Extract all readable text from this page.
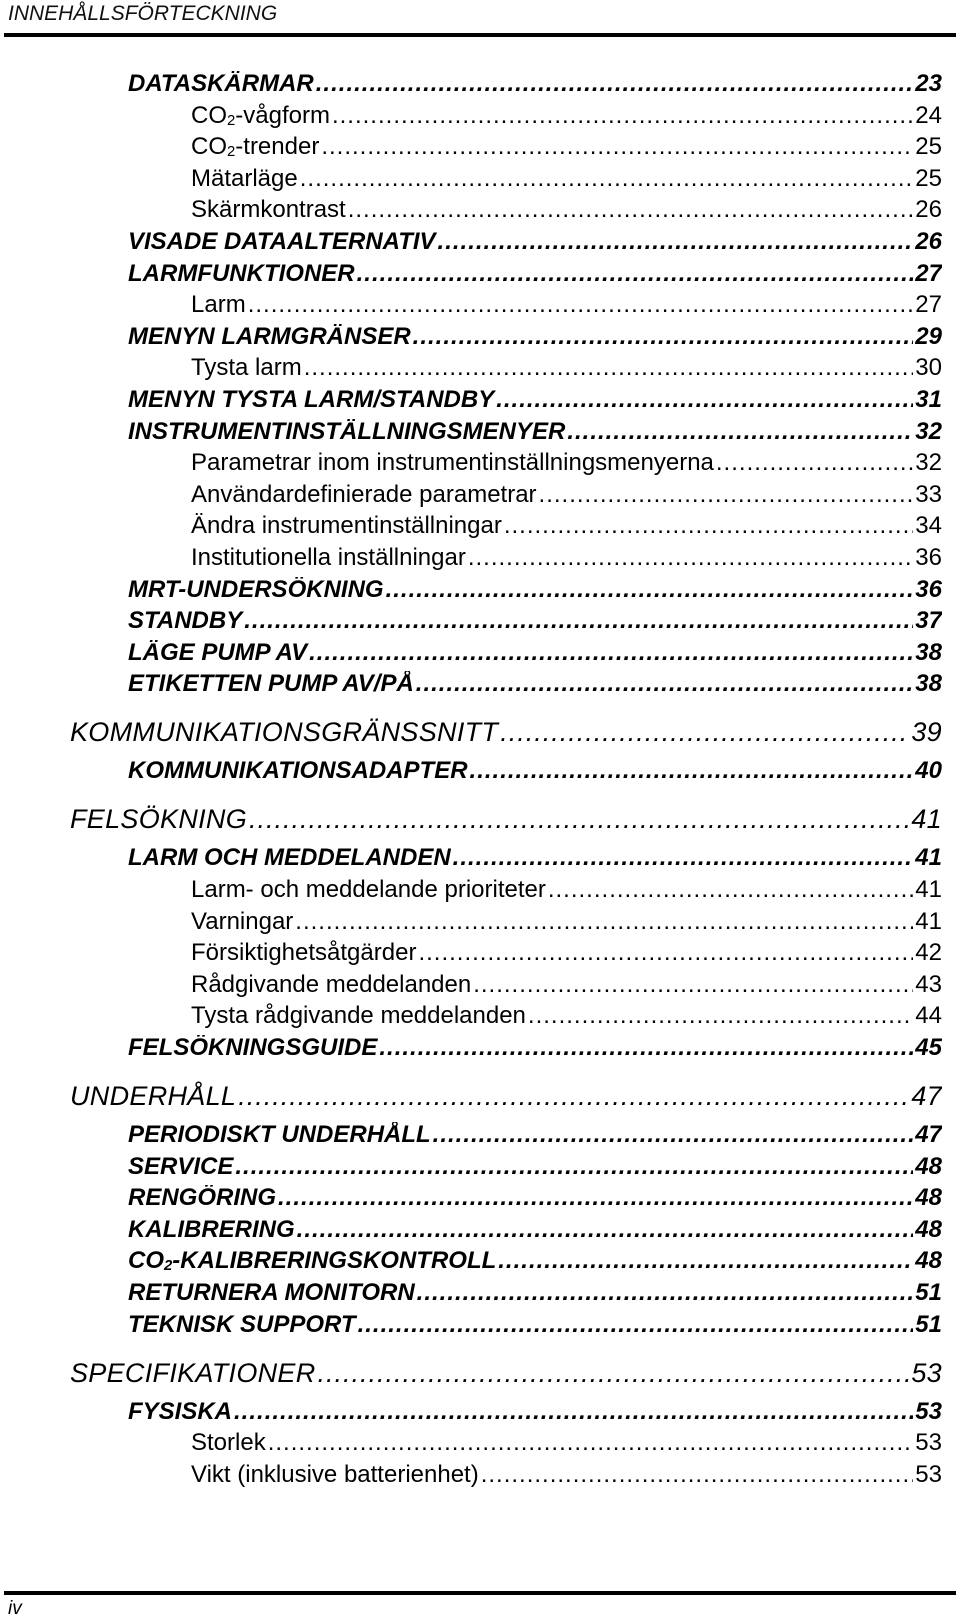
INNEHÅLLSFÖRTECKNING
DATASKÄRMAR .....	23
$CO_2$-vågform .....	24
$CO_2$-trender .....	25
Mätarläge .....	25
Skärmkontrast .....	26
VISADE DATAALTERNATIV .....	26
LARMFUNKTIONER .....	27
Larm .....	27
MENYN LARMGRÄNSER .....	29
Tysta larm .....	30
MENYN TYSTA LARM/STANDBY .....	31
INSTRUMENTINSTÄLLNINGSMENYER .....	32
Parametrar inom instrumentinställningsmenyerna .....	32
Användardefinierade parametrar .....	33
Ändra instrumentinställningar .....	34
Institutionella inställningar .....	36
MRT-UNDERSÖKNING .....	36
STANDBY .....	37
LÄGE PUMP AV .....	38
ETIKETTEN PUMP AV/PÅ .....	38
KOMMUNIKATIONSGRÄNSSNITT .....	39
KOMMUNIKATIONSADAPTER .....	40
FELSÖKNING .....	41
LARM OCH MEDDELANDEN .....	41
Larm- och meddelande prioriteter .....	41
Varningar .....	41
Försiktighetsåtgärder .....	42
Rådgivande meddelanden .....	43
Tysta rådgivande meddelanden .....	44
FELSÖKNINGSGUIDE .....	45
UNDERHÅLL .....	47
PERIODISKT UNDERHÅLL .....	47
SERVICE .....	48
RENGÖRING .....	48
KALIBRERING .....	48
$CO_2$-KALIBRERINGSKONTROLL .....	48
RETURNERA MONITORN .....	51
TEKNISK SUPPORT .....	51
SPECIFIKATIONER .....	53
FYSISKA .....	53
Storlek .....	53
Vikt (inklusive batterienhet) .....	53
iv
